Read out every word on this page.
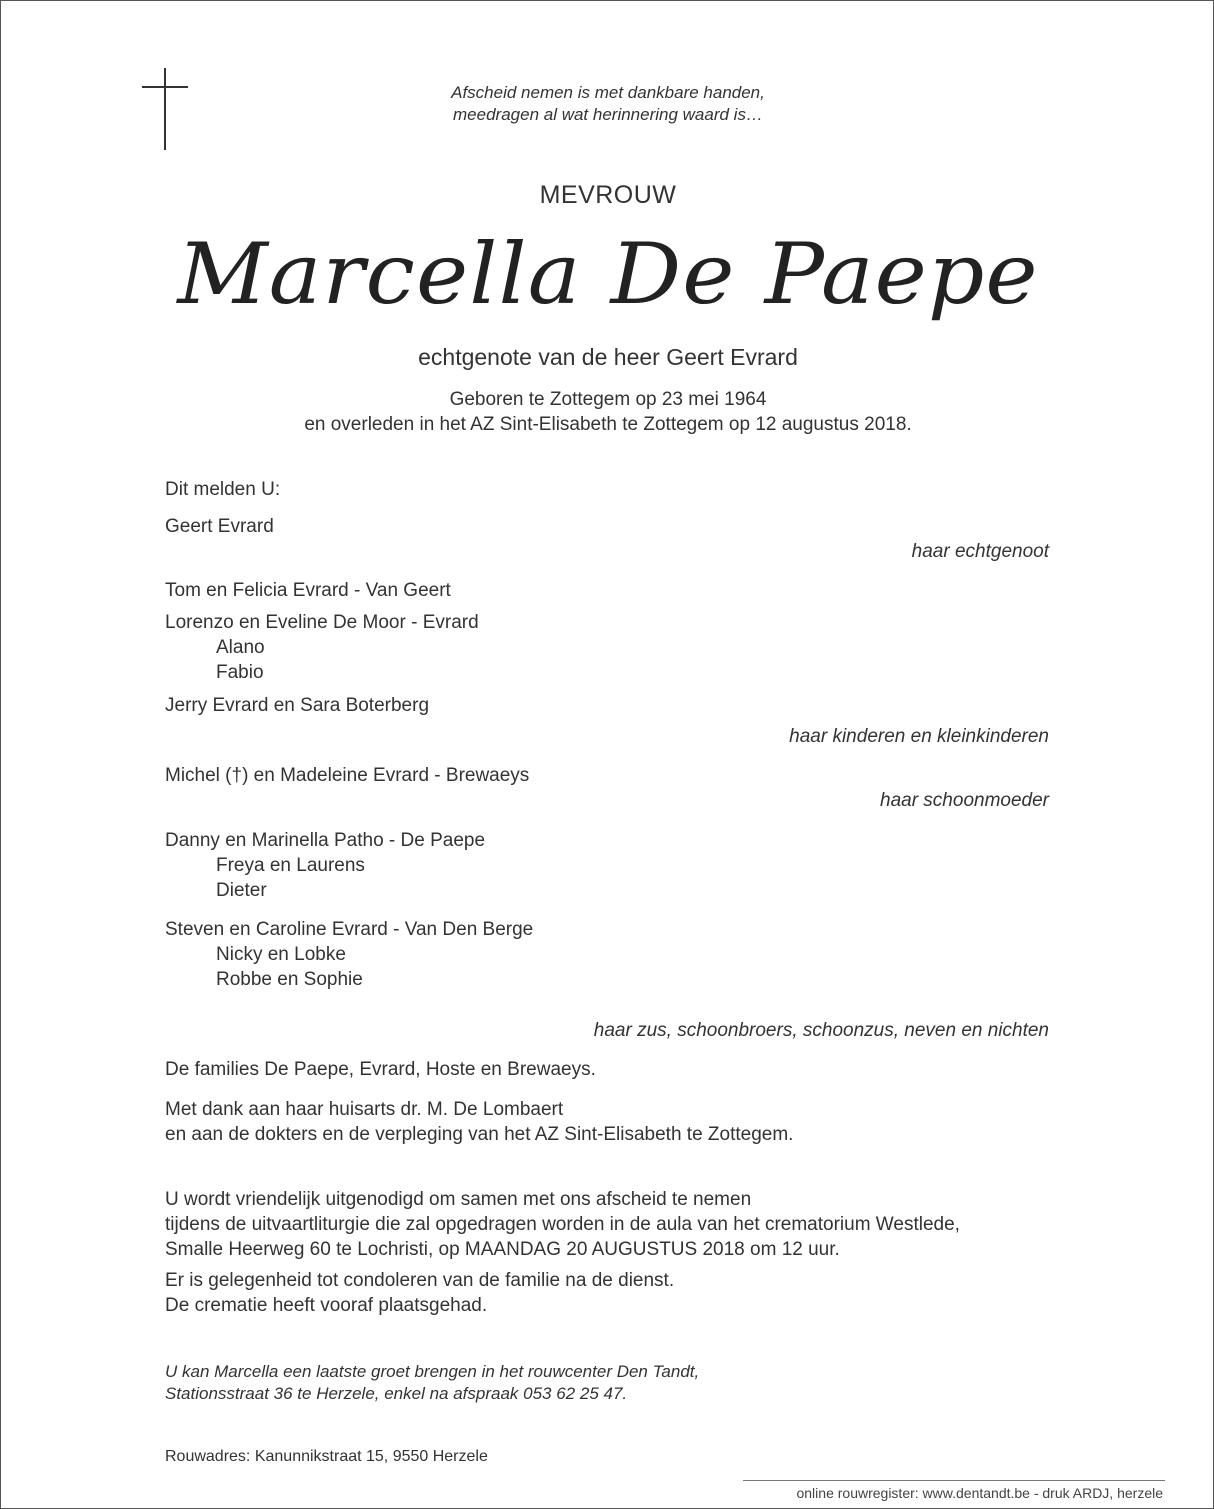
Afscheid nemen is met dankbare handen,
meedragen al wat herinnering waard is…
MEVROUW
Marcella De Paepe
echtgenote van de heer Geert Evrard
Geboren te Zottegem op 23 mei 1964
en overleden in het AZ Sint-Elisabeth te Zottegem op 12 augustus 2018.
Dit melden U:
Geert Evrard
haar echtgenoot
Tom en Felicia Evrard - Van Geert
Lorenzo en Eveline De Moor - Evrard
Alano
Fabio
Jerry Evrard en Sara Boterberg
haar kinderen en kleinkinderen
Michel (†) en Madeleine Evrard - Brewaeys
haar schoonmoeder
Danny en Marinella Patho - De Paepe
Freya en Laurens
Dieter
Steven en Caroline Evrard - Van Den Berge
Nicky en Lobke
Robbe en Sophie
haar zus, schoonbroers, schoonzus, neven en nichten
De families De Paepe, Evrard, Hoste en Brewaeys.
Met dank aan haar huisarts dr. M. De Lombaert
en aan de dokters en de verpleging van het AZ Sint-Elisabeth te Zottegem.
U wordt vriendelijk uitgenodigd om samen met ons afscheid te nemen
tijdens de uitvaartliturgie die zal opgedragen worden in de aula van het crematorium Westlede,
Smalle Heerweg 60 te Lochristi, op MAANDAG 20 AUGUSTUS 2018 om 12 uur.
Er is gelegenheid tot condoleren van de familie na de dienst.
De crematie heeft vooraf plaatsgehad.
U kan Marcella een laatste groet brengen in het rouwcenter Den Tandt,
Stationsstraat 36 te Herzele, enkel na afspraak 053 62 25 47.
Rouwadres: Kanunnikstraat 15, 9550 Herzele
online rouwregister: www.dentandt.be - druk ARDJ, herzele
